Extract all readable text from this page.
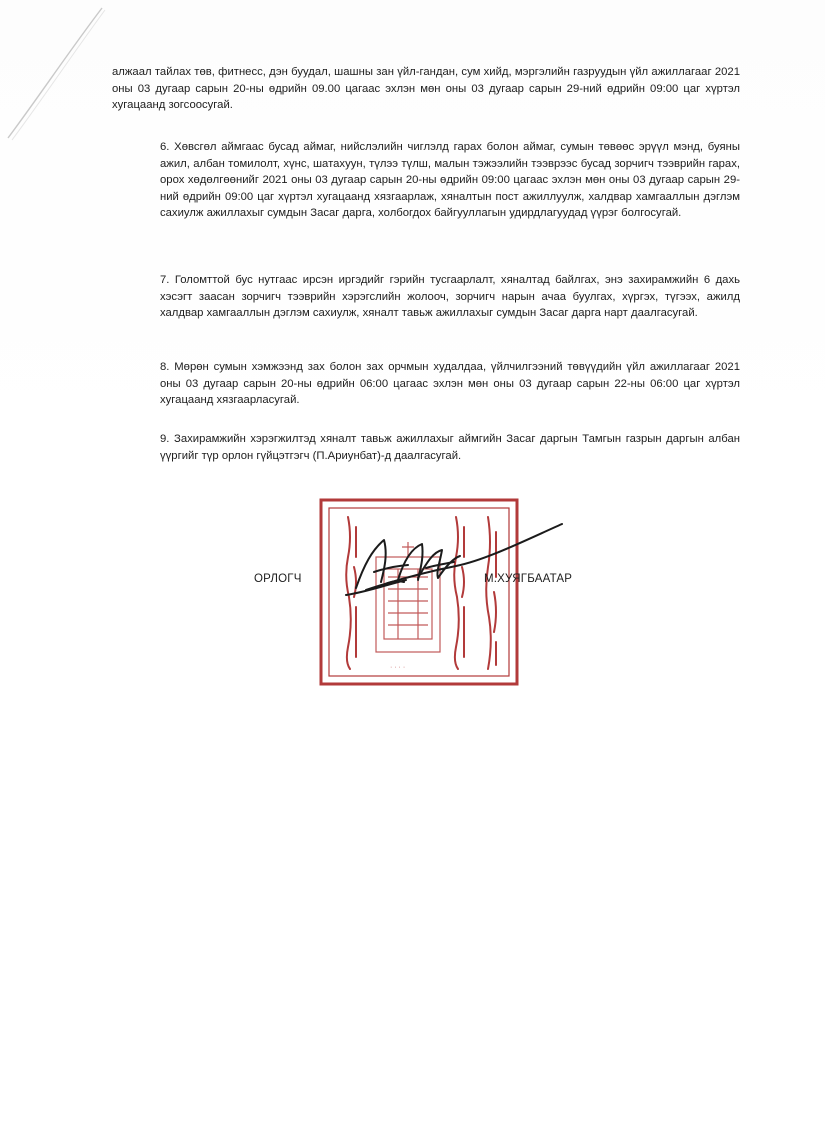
алжаал тайлах төв, фитнесс, дэн буудал, шашны зан үйл-гандан, сум хийд, мэргэлийн газруудын үйл ажиллагааг 2021 оны 03 дугаар сарын 20-ны өдрийн 09.00 цагаас эхлэн мөн оны 03 дугаар сарын 29-ний өдрийн 09:00 цаг хүртэл хугацаанд зогсоосугай.

6. Хөвсгөл аймгаас бусад аймаг, нийслэлийн чиглэлд гарах болон аймаг, сумын төвөөс эрүүл мэнд, буяны ажил, албан томилолт, хүнс, шатахуун, түлээ түлш, малын тэжээлийн тээврээс бусад зорчигч тээврийн гарах, орох хөдөлгөөнийг 2021 оны 03 дугаар сарын 20-ны өдрийн 09:00 цагаас эхлэн мөн оны 03 дугаар сарын 29-ний өдрийн 09:00 цаг хүртэл хугацаанд хязгаарлаж, хяналтын пост ажиллуулж, халдвар хамгааллын дэглэм сахиулж ажиллахыг сумдын Засаг дарга, холбогдох байгууллагын удирдлагуудад үүрэг болгосугай.

7. Голомттой бус нутгаас ирсэн иргэдийг гэрийн тусгаарлалт, хяналтад байлгах, энэ захирамжийн 6 дахь хэсэгт заасан зорчигч тээврийн хэрэгслийн жолооч, зорчигч нарын ачаа буулгах, хүргэх, түгээх, ажилд халдвар хамгааллын дэглэм сахиулж, хяналт тавьж ажиллахыг сумдын Засаг дарга нарт даалгасугай.

8. Мөрөн сумын хэмжээнд зах болон зах орчмын худалдаа, үйлчилгээний төвүүдийн үйл ажиллагааг 2021 оны 03 дугаар сарын 20-ны өдрийн 06:00 цагаас эхлэн мөн оны 03 дугаар сарын 22-ны 06:00 цаг хүртэл хугацаанд хязгаарласугай.

9. Захирамжийн хэрэгжилтэд хяналт тавьж ажиллахыг аймгийн Засаг даргын Тамгын газрын даргын албан үүргийг түр орлон гүйцэтгэгч (П.Ариунбат)-д даалгасугай.

· · · ·
ОРЛОГЧ	М.ХУЯГБААТАР
